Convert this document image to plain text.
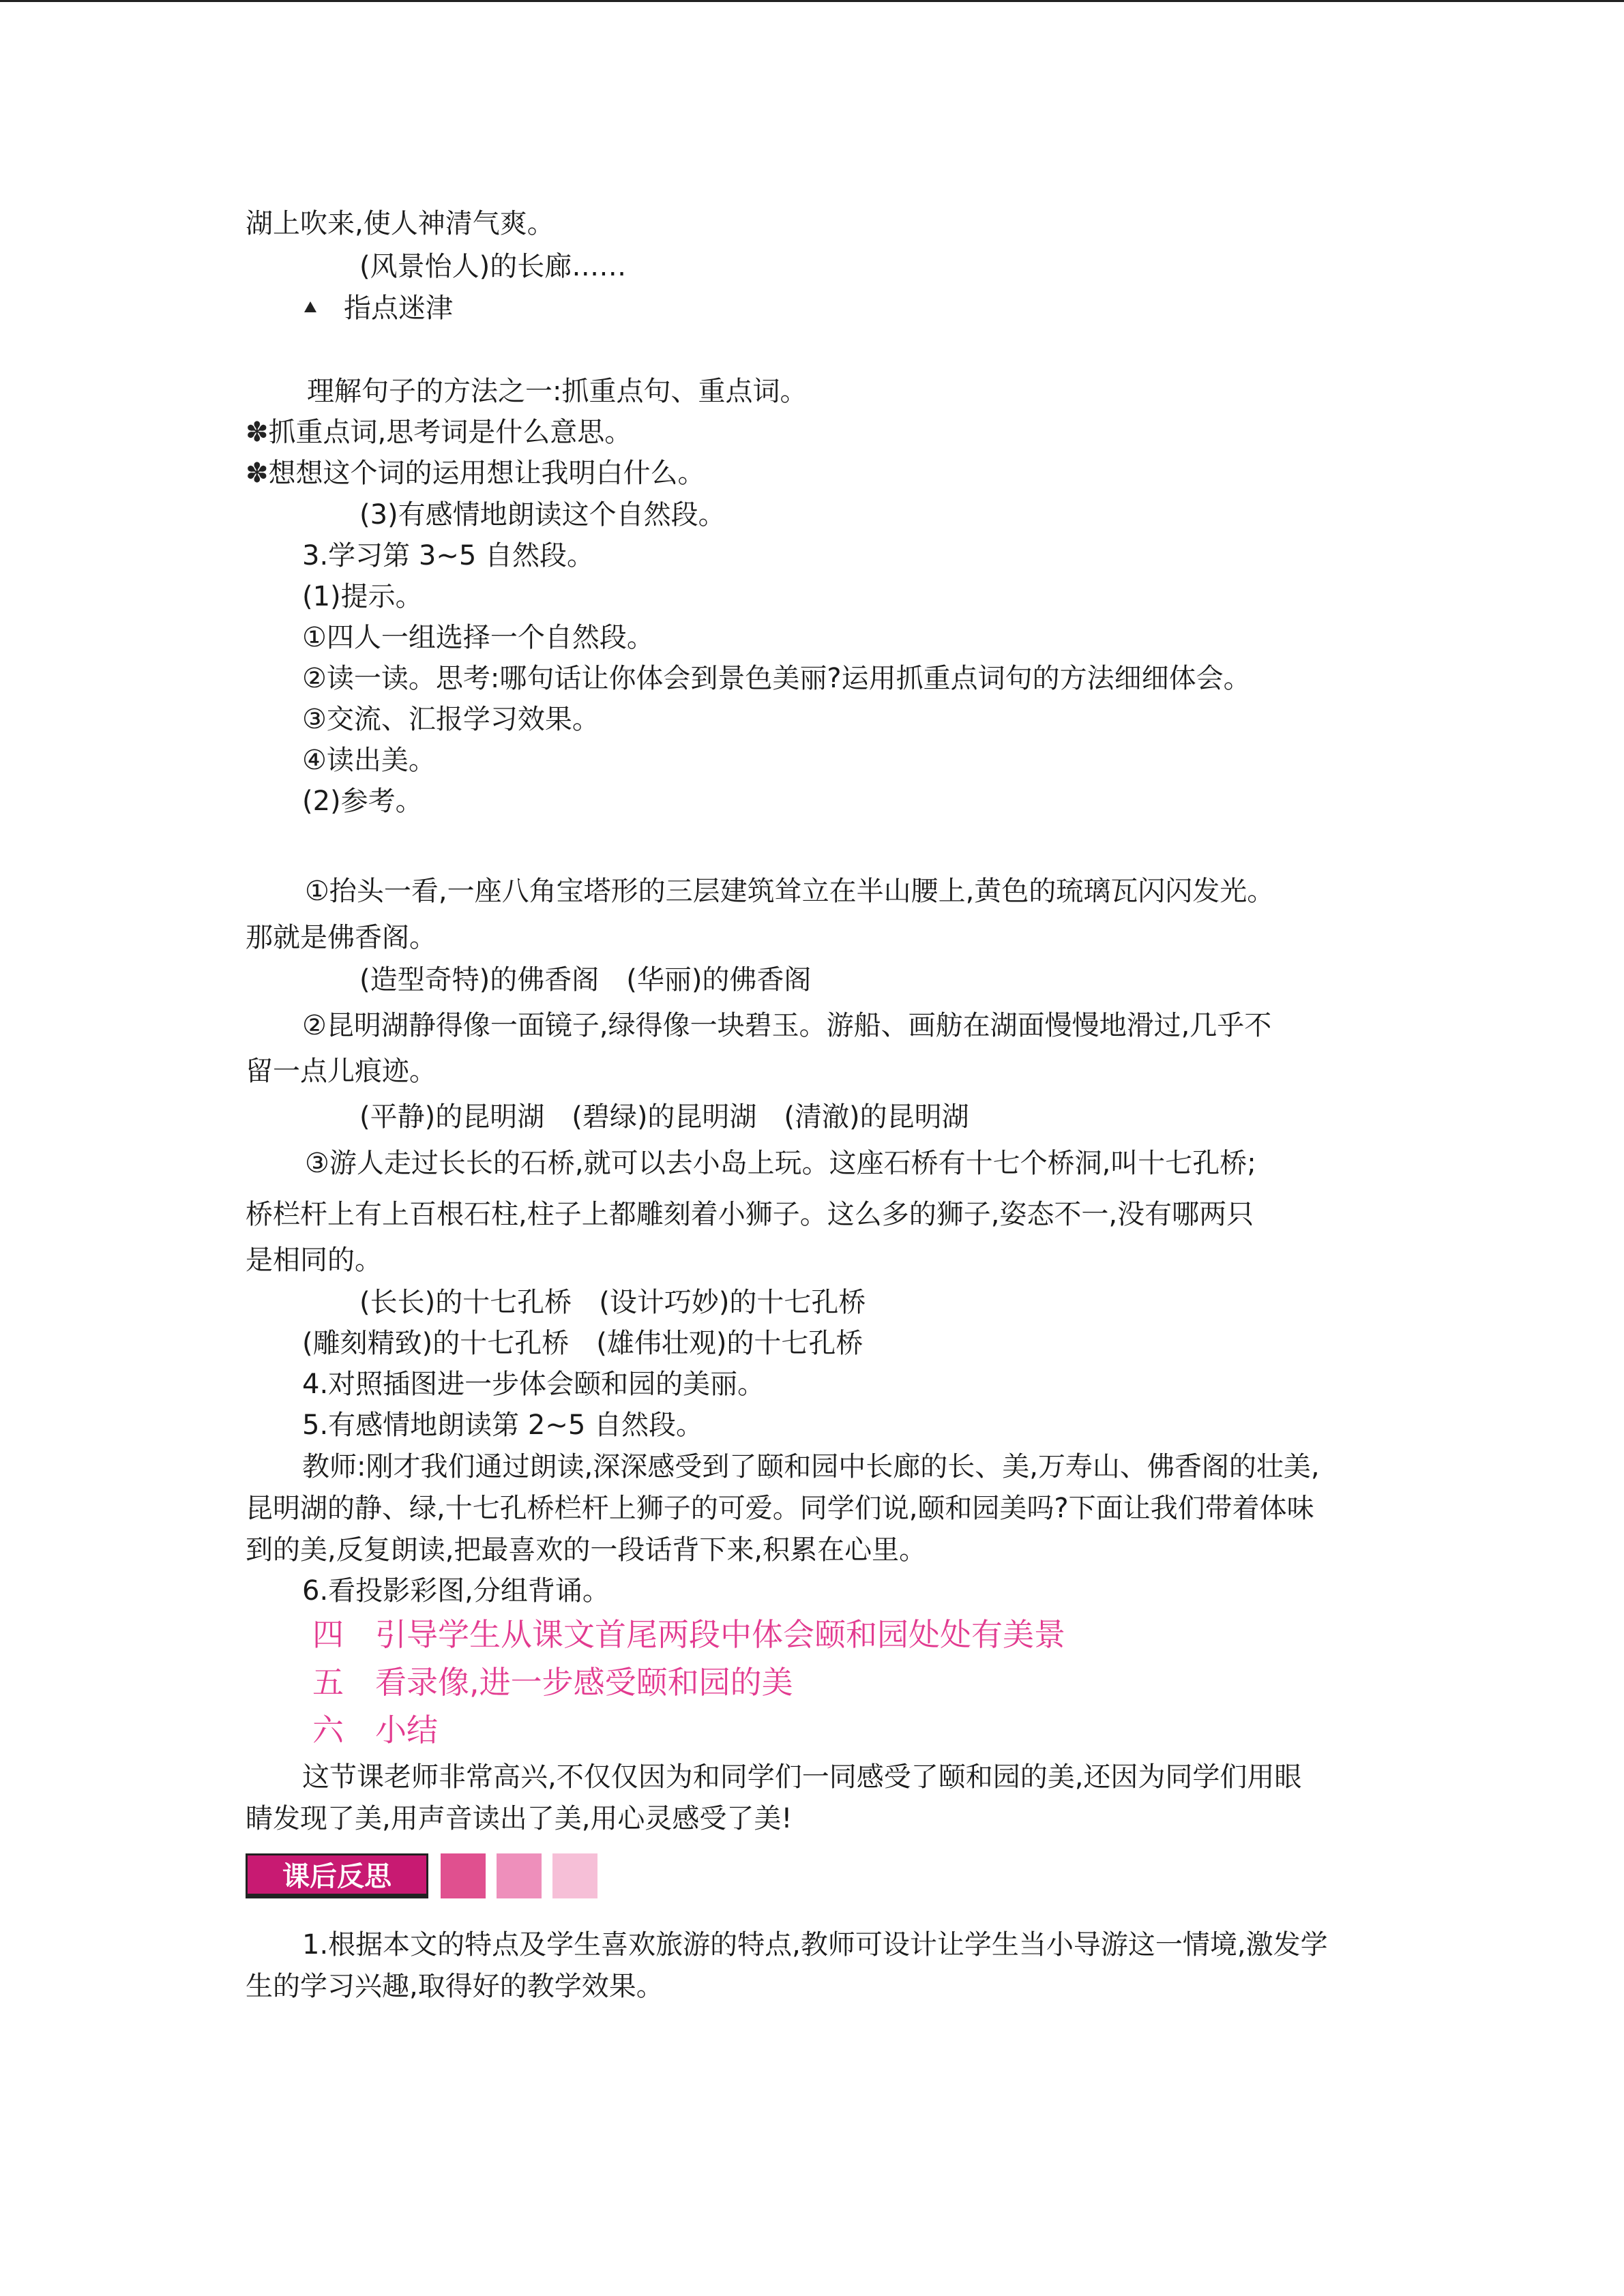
湖上吹来,使人神清气爽。
(风景怡人)的长廊……
指点迷津
理解句子的方法之一:抓重点句、重点词。
✽抓重点词,思考词是什么意思。
✽想想这个词的运用想让我明白什么。
(3)有感情地朗读这个自然段。
3.学习第 3~5 自然段。
(1)提示。
①四人一组选择一个自然段。
②读一读。思考:哪句话让你体会到景色美丽?运用抓重点词句的方法细细体会。
③交流、汇报学习效果。
④读出美。
(2)参考。
①抬头一看,一座八角宝塔形的三层建筑耸立在半山腰上,黄色的琉璃瓦闪闪发光。
那就是佛香阁。
(造型奇特)的佛香阁　(华丽)的佛香阁
②昆明湖静得像一面镜子,绿得像一块碧玉。游船、画舫在湖面慢慢地滑过,几乎不
留一点儿痕迹。
(平静)的昆明湖　(碧绿)的昆明湖　(清澈)的昆明湖
③游人走过长长的石桥,就可以去小岛上玩。这座石桥有十七个桥洞,叫十七孔桥;
桥栏杆上有上百根石柱,柱子上都雕刻着小狮子。这么多的狮子,姿态不一,没有哪两只
是相同的。
(长长)的十七孔桥　(设计巧妙)的十七孔桥
(雕刻精致)的十七孔桥　(雄伟壮观)的十七孔桥
4.对照插图进一步体会颐和园的美丽。
5.有感情地朗读第 2~5 自然段。
教师:刚才我们通过朗读,深深感受到了颐和园中长廊的长、美,万寿山、佛香阁的壮美,
昆明湖的静、绿,十七孔桥栏杆上狮子的可爱。同学们说,颐和园美吗?下面让我们带着体味
到的美,反复朗读,把最喜欢的一段话背下来,积累在心里。
6.看投影彩图,分组背诵。
四　引导学生从课文首尾两段中体会颐和园处处有美景
五　看录像,进一步感受颐和园的美
六　小结
这节课老师非常高兴,不仅仅因为和同学们一同感受了颐和园的美,还因为同学们用眼
睛发现了美,用声音读出了美,用心灵感受了美!
课后反思
1.根据本文的特点及学生喜欢旅游的特点,教师可设计让学生当小导游这一情境,激发学
生的学习兴趣,取得好的教学效果。
